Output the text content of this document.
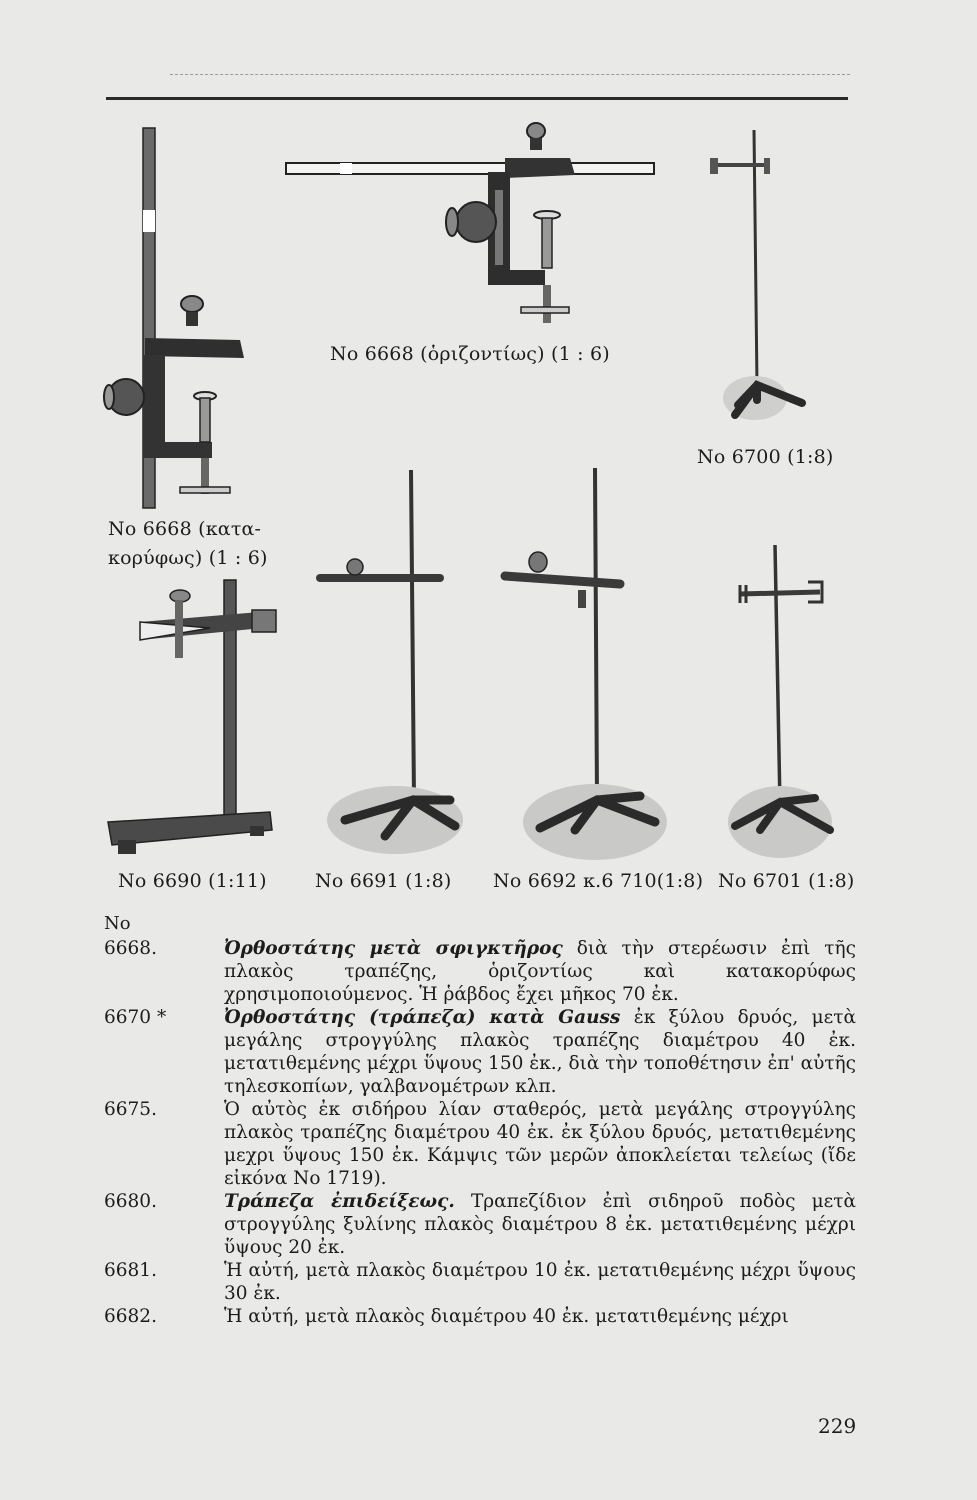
No 6668 (ὁριζοντίως) (1 : 6)
No 6700 (1:8)
No 6668 (κατα-
κορύφως) (1 : 6)
No 6690 (1:11)	No 6691 (1:8) No 6692 κ.6 710(1:8) No 6701 (1:8)
No
6668.	Ὀρθοστάτης μετὰ σφιγκτῆρος διὰ τὴν στερέωσιν ἐπὶ τῆς πλακὸς τραπέζης, ὁριζοντίως καὶ κατακορύφως χρησιμοποιούμενος. Ἡ ῥάβδος ἔχει μῆκος 70 ἐκ.

6670 *	Ὀρθοστάτης (τράπεζα) κατὰ Gauss ἐκ ξύλου δρυός, μετὰ μεγάλης στρογγύλης πλακὸς τραπέζης διαμέτρου 40 ἐκ. μετατιθεμένης μέχρι ὕψους 150 ἐκ., διὰ τὴν τοποθέτησιν ἐπ' αὐτῆς τηλεσκοπίων, γαλβανομέτρων κλπ.

6675.	Ὁ αὐτὸς ἐκ σιδήρου λίαν σταθερός, μετὰ μεγάλης στρογγύλης πλακὸς τραπέζης διαμέτρου 40 ἐκ. ἐκ ξύλου δρυός, μετατιθεμένης μεχρι ὕψους 150 ἐκ. Κάμψις τῶν μερῶν ἀποκλείεται τελείως (ἴδε εἰκόνα No 1719).

6680.	Τράπεζα ἐπιδείξεως. Τραπεζίδιον ἐπὶ σιδηροῦ ποδὸς μετὰ στρογγύλης ξυλίνης πλακὸς διαμέτρου 8 ἐκ. μετατιθεμένης μέχρι ὕψους 20 ἐκ.

6681.	Ἡ αὐτή, μετὰ πλακὸς διαμέτρου 10 ἐκ. μετατιθεμένης μέχρι ὕψους 30 ἐκ.

6682.	Ἡ αὐτή, μετὰ πλακὸς διαμέτρου 40 ἐκ. μετατιθεμένης μέχρι

229
